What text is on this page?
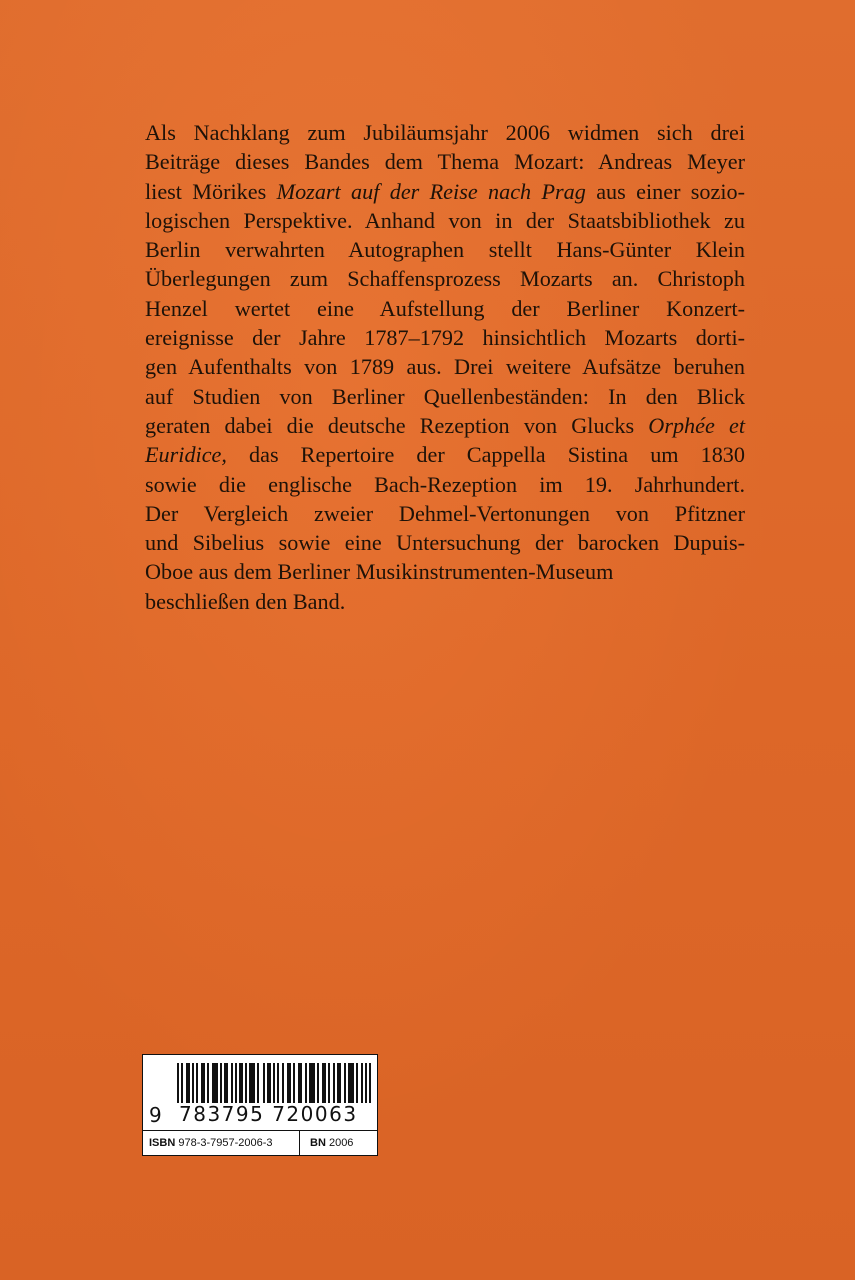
Als Nachklang zum Jubiläumsjahr 2006 widmen sich drei
Beiträge dieses Bandes dem Thema Mozart: Andreas Meyer
liest Mörikes Mozart auf der Reise nach Prag aus einer sozio-
logischen Perspektive. Anhand von in der Staatsbibliothek zu
Berlin verwahrten Autographen stellt Hans-Günter Klein
Überlegungen zum Schaffensprozess Mozarts an. Christoph
Henzel wertet eine Aufstellung der Berliner Konzert-
ereignisse der Jahre 1787–1792 hinsichtlich Mozarts dorti-
gen Aufenthalts von 1789 aus. Drei weitere Aufsätze beruhen
auf Studien von Berliner Quellenbeständen: In den Blick
geraten dabei die deutsche Rezeption von Glucks Orphée et
Euridice, das Repertoire der Cappella Sistina um 1830
sowie die englische Bach-Rezeption im 19. Jahrhundert.
Der Vergleich zweier Dehmel-Vertonungen von Pfitzner
und Sibelius sowie eine Untersuchung der barocken Dupuis-
Oboe aus dem Berliner Musikinstrumenten-Museum
beschließen den Band.
9 783795 720063
ISBN 978-3-7957-2006-3	BN 2006
